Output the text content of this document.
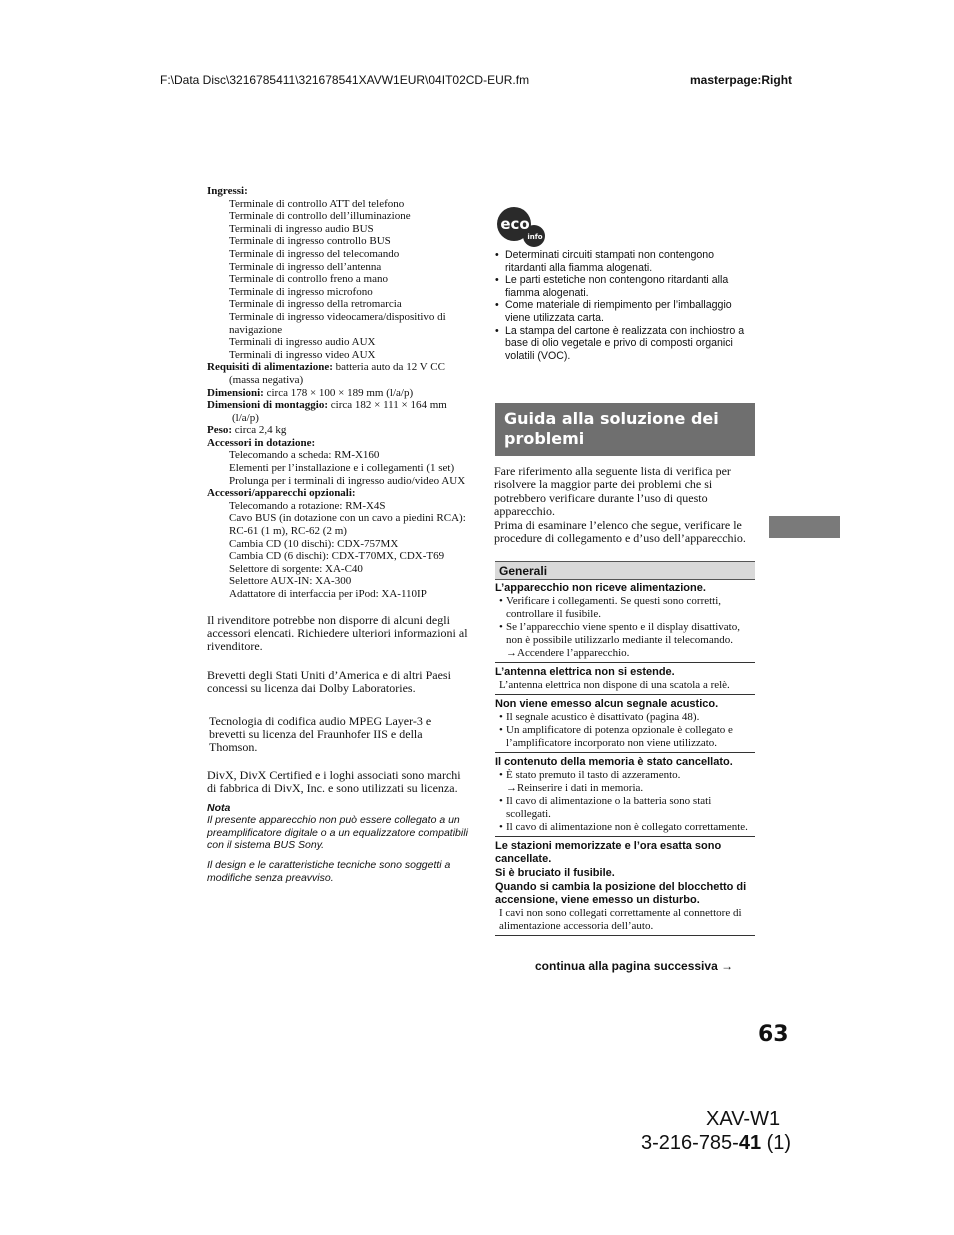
F:\Data Disc\3216785411\321678541XAVW1EUR\04IT02CD-EUR.fm	masterpage:Right
Ingressi:
Terminale di controllo ATT del telefono
Terminale di controllo dell’illuminazione
Terminali di ingresso audio BUS
Terminale di ingresso controllo BUS
Terminale di ingresso del telecomando
Terminale di ingresso dell’antenna
Terminale di controllo freno a mano
Terminale di ingresso microfono
Terminale di ingresso della retromarcia
Terminale di ingresso videocamera/dispositivo di navigazione
Terminali di ingresso audio AUX
Terminali di ingresso video AUX
Requisiti di alimentazione: batteria auto da 12 V CC
(massa negativa)
Dimensioni: circa 178 × 100 × 189 mm (l/a/p)
Dimensioni di montaggio: circa 182 × 111 × 164 mm
(l/a/p)
Peso: circa 2,4 kg
Accessori in dotazione:
Telecomando a scheda: RM-X160
Elementi per l’installazione e i collegamenti (1 set)
Prolunga per i terminali di ingresso audio/video AUX
Accessori/apparecchi opzionali:
Telecomando a rotazione: RM-X4S
Cavo BUS (in dotazione con un cavo a piedini RCA): RC-61 (1 m), RC-62 (2 m)
Cambia CD (10 dischi): CDX-757MX
Cambia CD (6 dischi): CDX-T70MX, CDX-T69
Selettore di sorgente: XA-C40
Selettore AUX-IN: XA-300
Adattatore di interfaccia per iPod: XA-110IP

Il rivenditore potrebbe non disporre di alcuni degli accessori elencati. Richiedere ulteriori informazioni al rivenditore.

Brevetti degli Stati Uniti d’America e di altri Paesi concessi su licenza dai Dolby Laboratories.

Tecnologia di codifica audio MPEG Layer-3 e brevetti su licenza del Fraunhofer IIS e della Thomson.

DivX, DivX Certified e i loghi associati sono marchi di fabbrica di DivX, Inc. e sono utilizzati su licenza.

Nota

Il presente apparecchio non può essere collegato a un preamplificatore digitale o a un equalizzatore compatibili con il sistema BUS Sony.

Il design e le caratteristiche tecniche sono soggetti a modifiche senza preavviso.

eco
info
• Determinati circuiti stampati non contengono ritardanti alla fiamma alogenati.
• Le parti estetiche non contengono ritardanti alla fiamma alogenati.
• Come materiale di riempimento per l’imballaggio viene utilizzata carta.
• La stampa del cartone è realizzata con inchiostro a base di olio vegetale e privo di composti organici volatili (VOC).
Guida alla soluzione dei problemi

Fare riferimento alla seguente lista di verifica per risolvere la maggior parte dei problemi che si potrebbero verificare durante l’uso di questo apparecchio.

Prima di esaminare l’elenco che segue, verificare le procedure di collegamento e d’uso dell’apparecchio.

Generali
L’apparecchio non riceve alimentazione.
• Verificare i collegamenti. Se questi sono corretti, controllare il fusibile.
• Se l’apparecchio viene spento e il display disattivato, non è possibile utilizzarlo mediante il telecomando.
→Accendere l’apparecchio.
L’antenna elettrica non si estende.
L’antenna elettrica non dispone di una scatola a relè.
Non viene emesso alcun segnale acustico.
• Il segnale acustico è disattivato (pagina 48).
• Un amplificatore di potenza opzionale è collegato e l’amplificatore incorporato non viene utilizzato.
Il contenuto della memoria è stato cancellato.
• È stato premuto il tasto di azzeramento.
→Reinserire i dati in memoria.
• Il cavo di alimentazione o la batteria sono stati scollegati.
• Il cavo di alimentazione non è collegato correttamente.
Le stazioni memorizzate e l’ora esatta sono cancellate.
Si è bruciato il fusibile.
Quando si cambia la posizione del blocchetto di accensione, viene emesso un disturbo.
I cavi non sono collegati correttamente al connettore di alimentazione accessoria dell’auto.
continua alla pagina successiva →
63
XAV-W1
3-216-785-41 (1)
